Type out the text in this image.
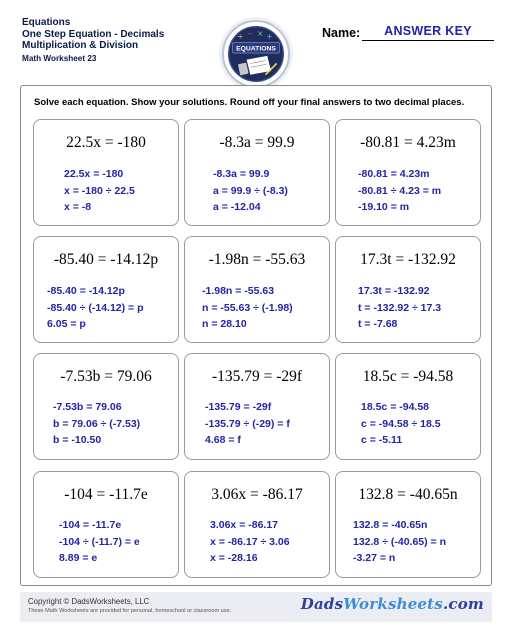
Equations
One Step Equation - Decimals
Multiplication & Division
Math Worksheet 23
÷ − × +
EQUATIONS
Name:	ANSWER KEY
Solve each equation. Show your solutions. Round off your final answers to two decimal places.
22.5x = -180
22.5x = -180
x = -180 ÷ 22.5
x = -8
-8.3a = 99.9
-8.3a = 99.9
a = 99.9 ÷ (-8.3)
a = -12.04
-80.81 = 4.23m
-80.81 = 4.23m
-80.81 ÷ 4.23 = m
-19.10 = m
-85.40 = -14.12p
-85.40 = -14.12p
-85.40 ÷ (-14.12) = p
6.05 = p
-1.98n = -55.63
-1.98n = -55.63
n = -55.63 ÷ (-1.98)
n = 28.10
17.3t = -132.92
17.3t = -132.92
t = -132.92 ÷ 17.3
t = -7.68
-7.53b = 79.06
-7.53b = 79.06
b = 79.06 ÷ (-7.53)
b = -10.50
-135.79 = -29f
-135.79 = -29f
-135.79 ÷ (-29) = f
4.68 = f
18.5c = -94.58
18.5c = -94.58
c = -94.58 ÷ 18.5
c = -5.11
-104 = -11.7e
-104 = -11.7e
-104 ÷ (-11.7) = e
8.89 = e
3.06x = -86.17
3.06x = -86.17
x = -86.17 ÷ 3.06
x = -28.16
132.8 = -40.65n
132.8 = -40.65n
132.8 ÷ (-40.65) = n
-3.27 = n
Copyright © DadsWorksheets, LLC
These Math Worksheets are provided for personal, homeschool or classroom use.	DadsWorksheets.com
